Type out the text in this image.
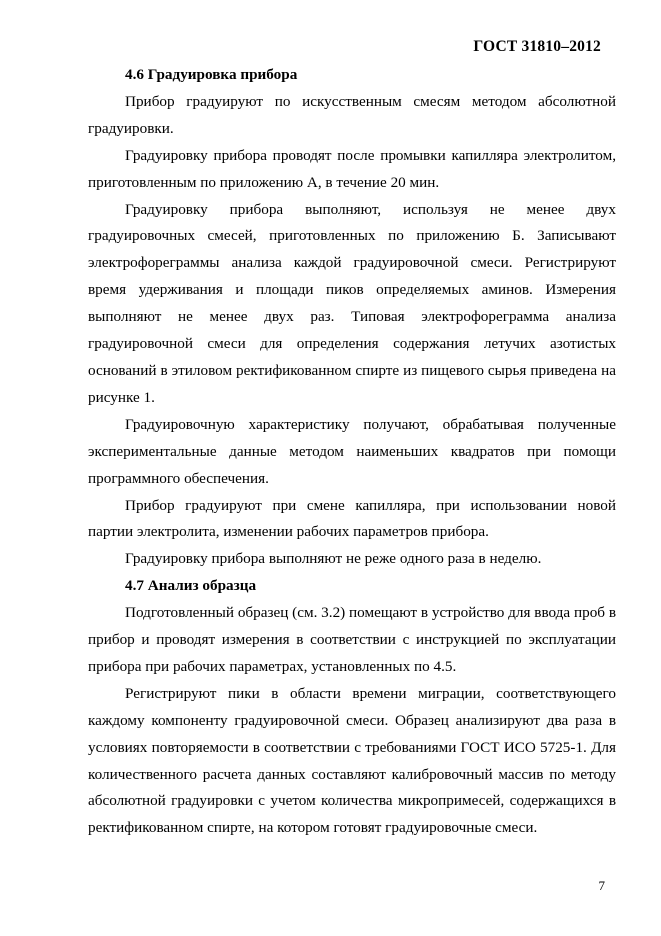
ГОСТ 31810–2012
4.6 Градуировка прибора

Прибор градуируют по искусственным смесям методом абсолютной градуировки.

Градуировку прибора проводят после промывки капилляра электролитом, приготовленным по приложению А, в течение 20 мин.

Градуировку прибора выполняют, используя не менее двух градуировочных смесей, приготовленных по приложению Б. Записывают электрофореграммы анализа каждой градуировочной смеси. Регистрируют время удерживания и площади пиков определяемых аминов. Измерения выполняют не менее двух раз. Типовая электрофореграмма анализа градуировочной смеси для определения содержания летучих азотистых оснований в этиловом ректификованном спирте из пищевого сырья приведена на рисунке 1.

Градуировочную характеристику получают, обрабатывая полученные экспериментальные данные методом наименьших квадратов при помощи программного обеспечения.

Прибор градуируют при смене капилляра, при использовании новой партии электролита, изменении рабочих параметров прибора.

Градуировку прибора выполняют не реже одного раза в неделю.

4.7 Анализ образца

Подготовленный образец (см. 3.2) помещают в устройство для ввода проб в прибор и проводят измерения в соответствии с инструкцией по эксплуатации прибора при рабочих параметрах, установленных по 4.5.

Регистрируют пики в области времени миграции, соответствующего каждому компоненту градуировочной смеси. Образец анализируют два раза в условиях повторяемости в соответствии с требованиями ГОСТ ИСО 5725-1. Для количественного расчета данных составляют калибровочный массив по методу абсолютной градуировки с учетом количества микропримесей, содержащихся в ректификованном спирте, на котором готовят градуировочные смеси.

7
